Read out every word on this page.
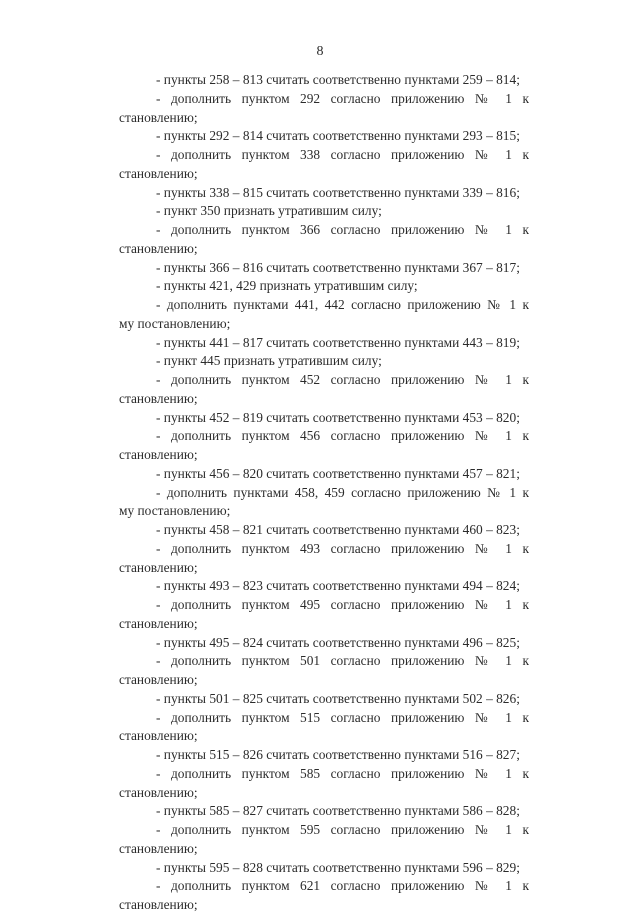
8
- пункты 258 – 813 считать соответственно пунктами 259 – 814;
- дополнить пунктом 292 согласно приложению № 1 к
становлению;
- пункты 292 – 814 считать соответственно пунктами 293 – 815;
- дополнить пунктом 338 согласно приложению № 1 к
становлению;
- пункты 338 – 815 считать соответственно пунктами 339 – 816;
- пункт 350 признать утратившим силу;
- дополнить пунктом 366 согласно приложению № 1 к
становлению;
- пункты 366 – 816 считать соответственно пунктами 367 – 817;
- пункты 421, 429 признать утратившим силу;
- дополнить пунктами 441, 442 согласно приложению № 1 к
му постановлению;
- пункты 441 – 817 считать соответственно пунктами 443 – 819;
- пункт 445 признать утратившим силу;
- дополнить пунктом 452 согласно приложению № 1 к
становлению;
- пункты 452 – 819 считать соответственно пунктами 453 – 820;
- дополнить пунктом 456 согласно приложению № 1 к
становлению;
- пункты 456 – 820 считать соответственно пунктами 457 – 821;
- дополнить пунктами 458, 459 согласно приложению № 1 к
му постановлению;
- пункты 458 – 821 считать соответственно пунктами 460 – 823;
- дополнить пунктом 493 согласно приложению № 1 к
становлению;
- пункты 493 – 823 считать соответственно пунктами 494 – 824;
- дополнить пунктом 495 согласно приложению № 1 к
становлению;
- пункты 495 – 824 считать соответственно пунктами 496 – 825;
- дополнить пунктом 501 согласно приложению № 1 к
становлению;
- пункты 501 – 825 считать соответственно пунктами 502 – 826;
- дополнить пунктом 515 согласно приложению № 1 к
становлению;
- пункты 515 – 826 считать соответственно пунктами 516 – 827;
- дополнить пунктом 585 согласно приложению № 1 к
становлению;
- пункты 585 – 827 считать соответственно пунктами 586 – 828;
- дополнить пунктом 595 согласно приложению № 1 к
становлению;
- пункты 595 – 828 считать соответственно пунктами 596 – 829;
- дополнить пунктом 621 согласно приложению № 1 к
становлению;
